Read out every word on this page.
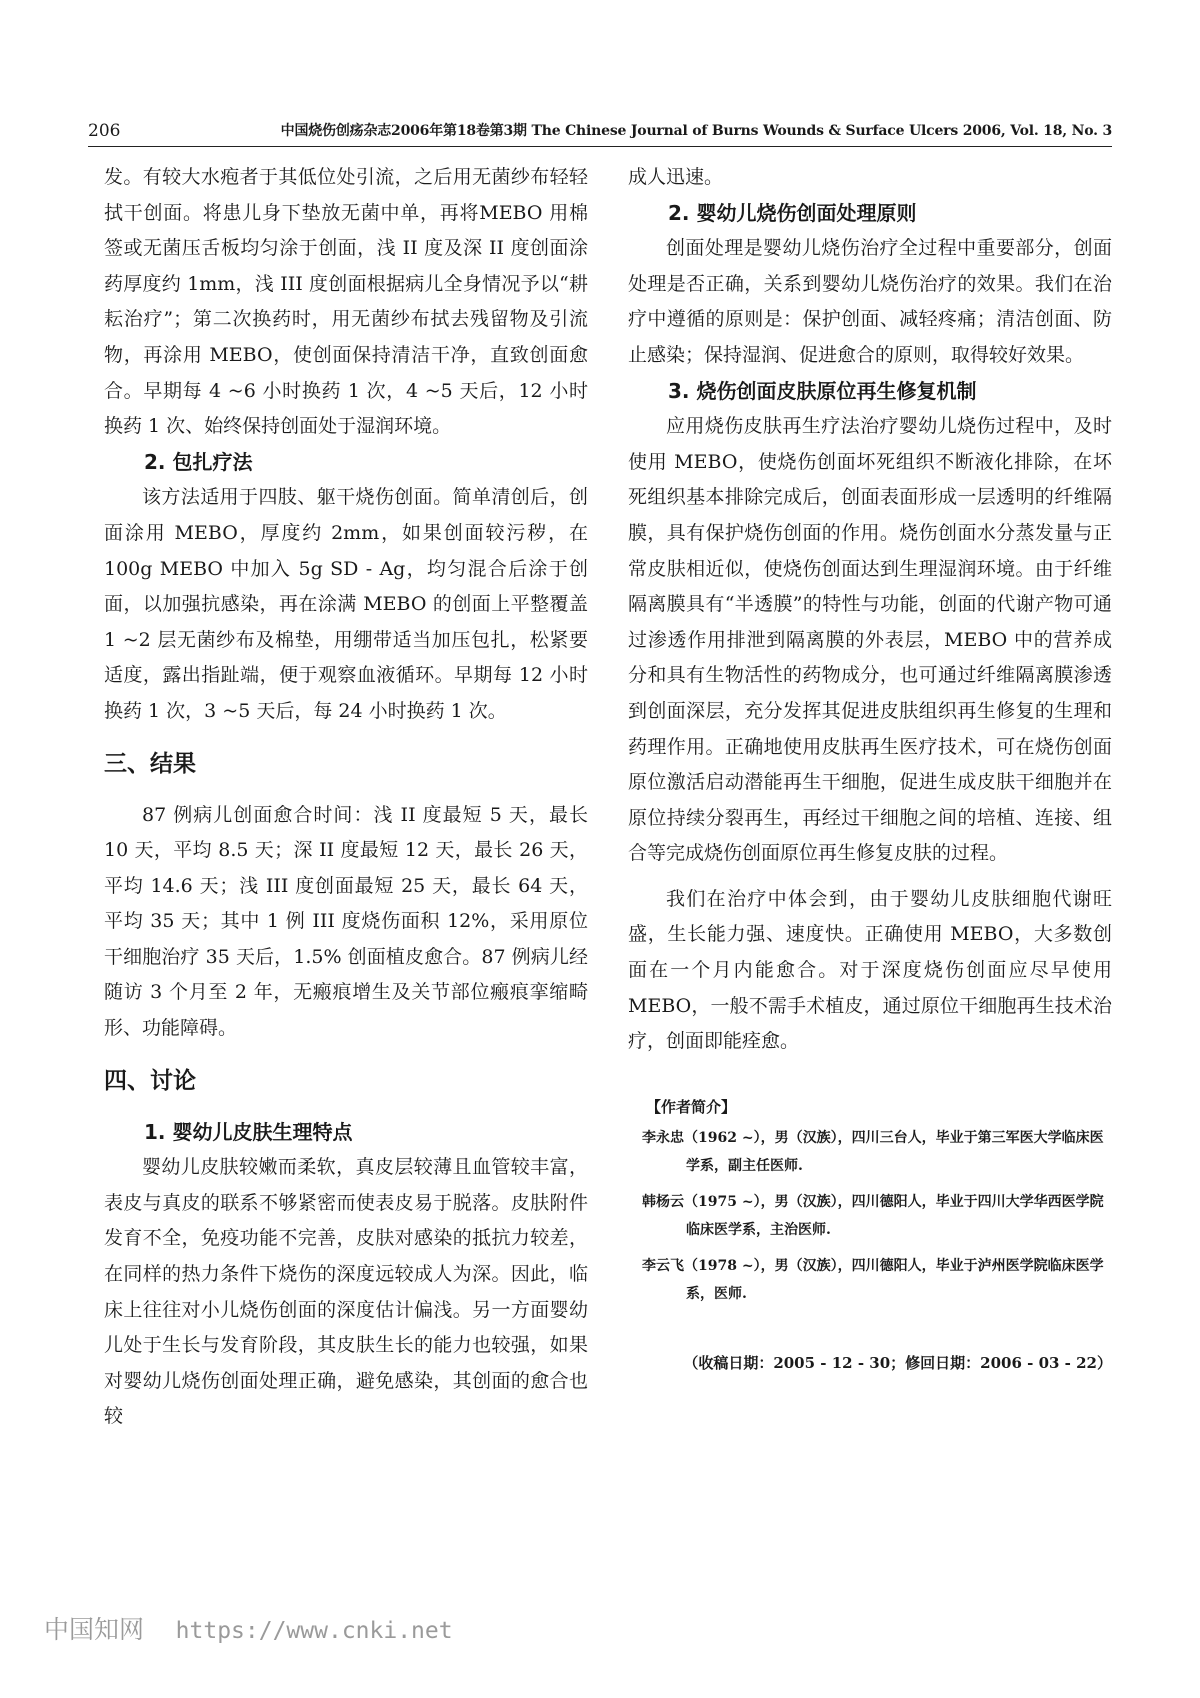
206	中国烧伤创疡杂志2006年第18卷第3期 The Chinese Journal of Burns Wounds & Surface Ulcers 2006, Vol. 18, No. 3

发。有较大水疱者于其低位处引流，之后用无菌纱布轻轻拭干创面。将患儿身下垫放无菌中单，再将MEBO 用棉签或无菌压舌板均匀涂于创面，浅 II 度及深 II 度创面涂药厚度约 1mm，浅 III 度创面根据病儿全身情况予以“耕耘治疗”；第二次换药时，用无菌纱布拭去残留物及引流物，再涂用 MEBO，使创面保持清洁干净，直致创面愈合。早期每 4 ~6 小时换药 1 次，4 ~5 天后，12 小时换药 1 次、始终保持创面处于湿润环境。

2. 包扎疗法

该方法适用于四肢、躯干烧伤创面。简单清创后，创面涂用 MEBO，厚度约 2mm，如果创面较污秽，在 100g MEBO 中加入 5g SD - Ag，均匀混合后涂于创面，以加强抗感染，再在涂满 MEBO 的创面上平整覆盖 1 ~2 层无菌纱布及棉垫，用绷带适当加压包扎，松紧要适度，露出指趾端，便于观察血液循环。早期每 12 小时换药 1 次，3 ~5 天后，每 24 小时换药 1 次。

三、结果

87 例病儿创面愈合时间：浅 II 度最短 5 天，最长 10 天，平均 8.5 天；深 II 度最短 12 天，最长 26 天，平均 14.6 天；浅 III 度创面最短 25 天，最长 64 天，平均 35 天；其中 1 例 III 度烧伤面积 12%，采用原位干细胞治疗 35 天后，1.5% 创面植皮愈合。87 例病儿经随访 3 个月至 2 年，无瘢痕增生及关节部位瘢痕挛缩畸形、功能障碍。

四、讨论
1. 婴幼儿皮肤生理特点

婴幼儿皮肤较嫩而柔软，真皮层较薄且血管较丰富，表皮与真皮的联系不够紧密而使表皮易于脱落。皮肤附件发育不全，免疫功能不完善，皮肤对感染的抵抗力较差，在同样的热力条件下烧伤的深度远较成人为深。因此，临床上往往对小儿烧伤创面的深度估计偏浅。另一方面婴幼儿处于生长与发育阶段，其皮肤生长的能力也较强，如果对婴幼儿烧伤创面处理正确，避免感染，其创面的愈合也较

成人迅速。

2. 婴幼儿烧伤创面处理原则

创面处理是婴幼儿烧伤治疗全过程中重要部分，创面处理是否正确，关系到婴幼儿烧伤治疗的效果。我们在治疗中遵循的原则是：保护创面、减轻疼痛；清洁创面、防止感染；保持湿润、促进愈合的原则，取得较好效果。

3. 烧伤创面皮肤原位再生修复机制

应用烧伤皮肤再生疗法治疗婴幼儿烧伤过程中，及时使用 MEBO，使烧伤创面坏死组织不断液化排除，在坏死组织基本排除完成后，创面表面形成一层透明的纤维隔膜，具有保护烧伤创面的作用。烧伤创面水分蒸发量与正常皮肤相近似，使烧伤创面达到生理湿润环境。由于纤维隔离膜具有“半透膜”的特性与功能，创面的代谢产物可通过渗透作用排泄到隔离膜的外表层，MEBO 中的营养成分和具有生物活性的药物成分，也可通过纤维隔离膜渗透到创面深层，充分发挥其促进皮肤组织再生修复的生理和药理作用。正确地使用皮肤再生医疗技术，可在烧伤创面原位激活启动潜能再生干细胞，促进生成皮肤干细胞并在原位持续分裂再生，再经过干细胞之间的培植、连接、组合等完成烧伤创面原位再生修复皮肤的过程。

我们在治疗中体会到，由于婴幼儿皮肤细胞代谢旺盛，生长能力强、速度快。正确使用 MEBO，大多数创面在一个月内能愈合。对于深度烧伤创面应尽早使用 MEBO，一般不需手术植皮，通过原位干细胞再生技术治疗，创面即能痊愈。

【作者简介】
李永忠（1962 ~），男（汉族），四川三台人，毕业于第三军医大学临床医学系，副主任医师.
韩杨云（1975 ~），男（汉族），四川德阳人，毕业于四川大学华西医学院临床医学系，主治医师.
李云飞（1978 ~），男（汉族），四川德阳人，毕业于泸州医学院临床医学系，医师.
（收稿日期：2005 - 12 - 30；修回日期：2006 - 03 - 22）
中国知网 https://www.cnki.net
